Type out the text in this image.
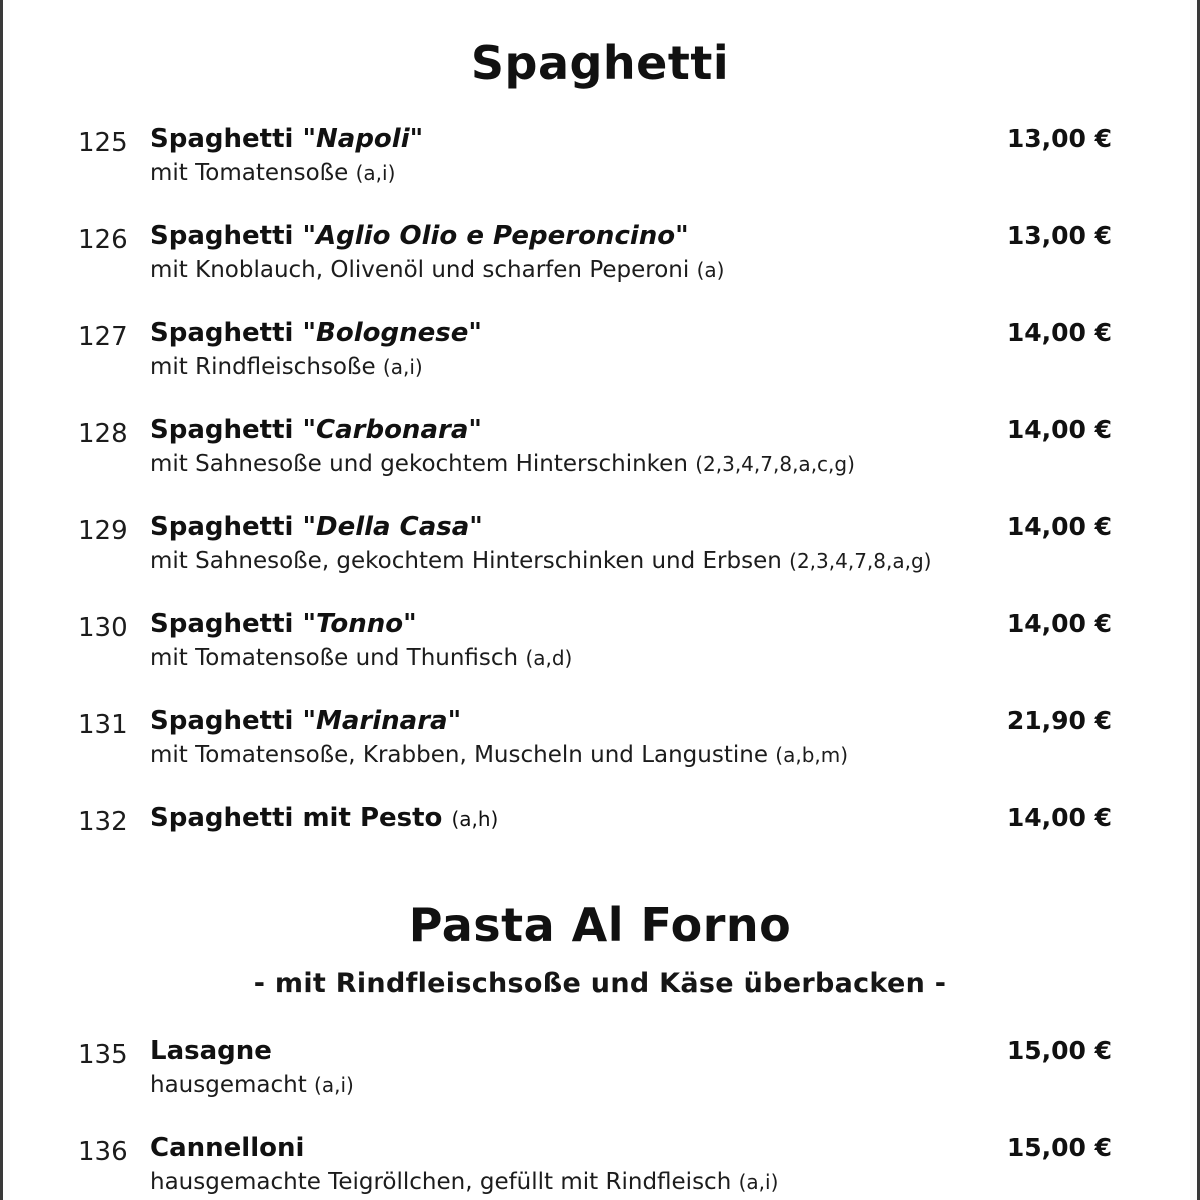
Spaghetti
125 Spaghetti "Napoli"
mit Tomatensoße (a,i)
13,00 €
126 Spaghetti "Aglio Olio e Peperoncino"
mit Knoblauch, Olivenöl und scharfen Peperoni (a)
13,00 €
127 Spaghetti "Bolognese"
mit Rindfleischsoße (a,i)
14,00 €
128 Spaghetti "Carbonara"
mit Sahnesoße und gekochtem Hinterschinken (2,3,4,7,8,a,c,g)
14,00 €
129 Spaghetti "Della Casa"
mit Sahnesoße, gekochtem Hinterschinken und Erbsen (2,3,4,7,8,a,g)
14,00 €
130 Spaghetti "Tonno"
mit Tomatensoße und Thunfisch (a,d)
14,00 €
131 Spaghetti "Marinara"
mit Tomatensoße, Krabben, Muscheln und Langustine (a,b,m)
21,90 €
132 Spaghetti mit Pesto (a,h)	14,00 €
Pasta Al Forno
- mit Rindfleischsoße und Käse überbacken -
135 Lasagne
hausgemacht (a,i)
15,00 €
136 Cannelloni
hausgemachte Teigröllchen, gefüllt mit Rindfleisch (a,i)
15,00 €
